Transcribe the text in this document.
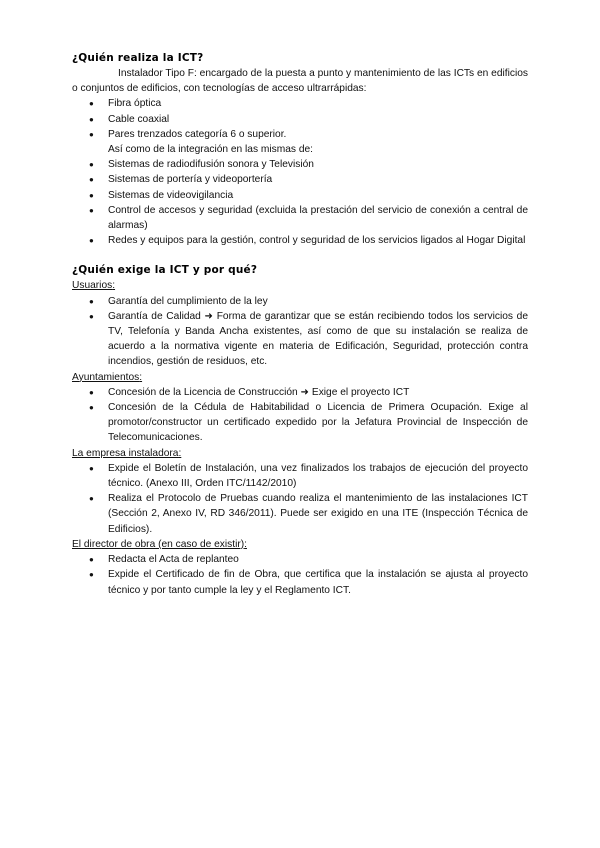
¿Quién realiza la ICT?

Instalador Tipo F: encargado de la puesta a punto y mantenimiento de las ICTs en edificios o conjuntos de edificios, con tecnologías de acceso ultrarrápidas:

● Fibra óptica
● Cable coaxial
● Pares trenzados categoría 6 o superior.

Así como de la integración en las mismas de:

● Sistemas de radiodifusión sonora y Televisión
● Sistemas de portería y videoportería
● Sistemas de videovigilancia
● Control de accesos y seguridad (excluida la prestación del servicio de conexión a central de alarmas)
● Redes y equipos para la gestión, control y seguridad de los servicios ligados al Hogar Digital
¿Quién exige la ICT y por qué?

Usuarios:

● Garantía del cumplimiento de la ley
● Garantía de Calidad ➜ Forma de garantizar que se están recibiendo todos los servicios de TV, Telefonía y Banda Ancha existentes, así como de que su instalación se realiza de acuerdo a la normativa vigente en materia de Edificación, Seguridad, protección contra incendios, gestión de residuos, etc.

Ayuntamientos:

● Concesión de la Licencia de Construcción ➜ Exige el proyecto ICT
● Concesión de la Cédula de Habitabilidad o Licencia de Primera Ocupación. Exige al promotor/constructor un certificado expedido por la Jefatura Provincial de Inspección de Telecomunicaciones.

La empresa instaladora:

● Expide el Boletín de Instalación, una vez finalizados los trabajos de ejecución del proyecto técnico. (Anexo III, Orden ITC/1142/2010)
● Realiza el Protocolo de Pruebas cuando realiza el mantenimiento de las instalaciones ICT (Sección 2, Anexo IV, RD 346/2011). Puede ser exigido en una ITE (Inspección Técnica de Edificios).

El director de obra (en caso de existir):

● Redacta el Acta de replanteo
● Expide el Certificado de fin de Obra, que certifica que la instalación se ajusta al proyecto técnico y por tanto cumple la ley y el Reglamento ICT.
